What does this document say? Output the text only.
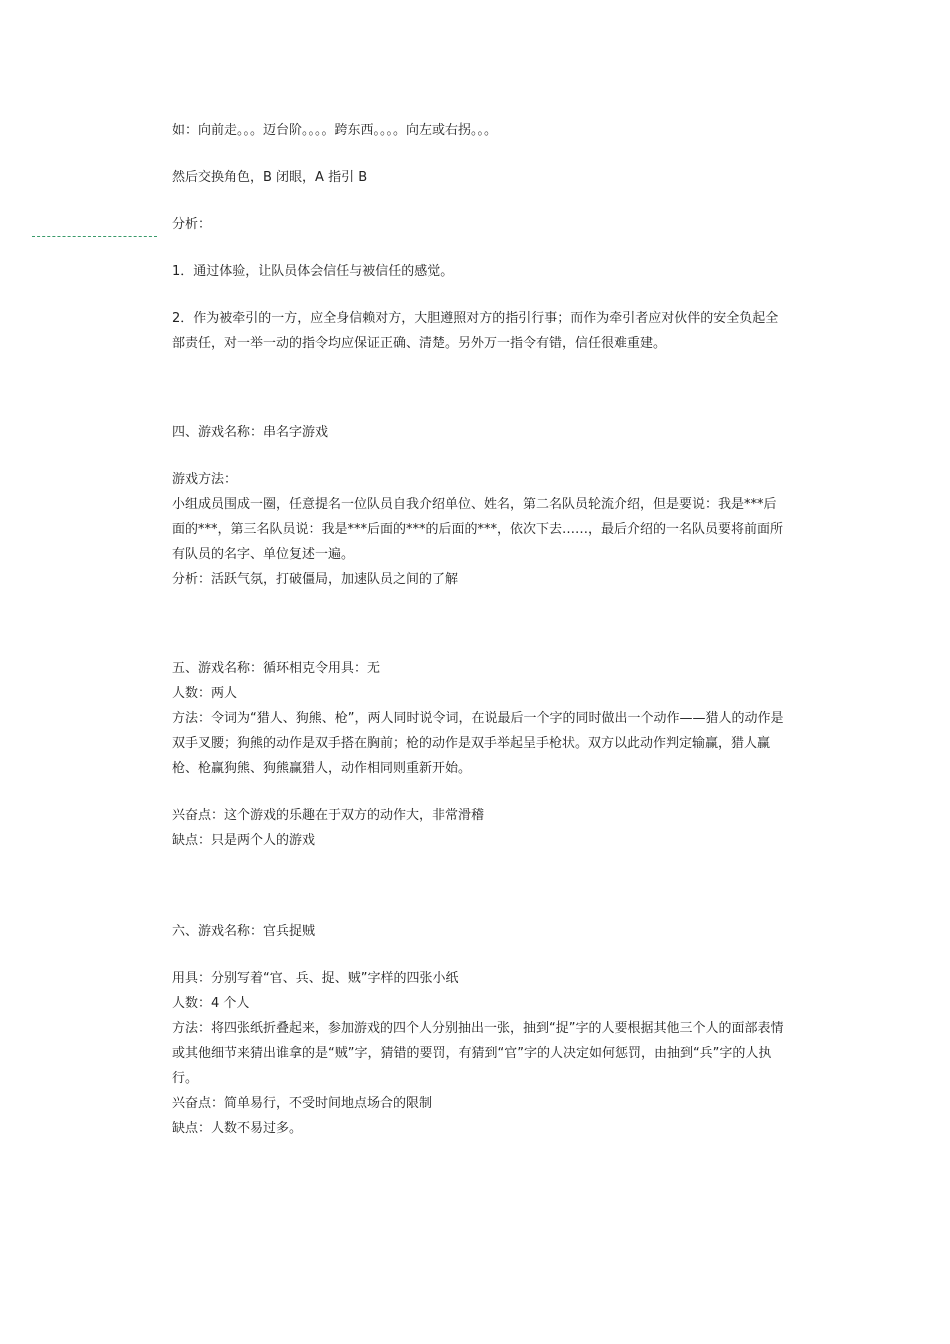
如：向前走。。。迈台阶。。。。跨东西。。。。向左或右拐。。。

然后交换角色，B 闭眼，A 指引 B

分析：

1．通过体验，让队员体会信任与被信任的感觉。

2．作为被牵引的一方，应全身信赖对方，大胆遵照对方的指引行事；而作为牵引者应对伙伴的安全负起全部责任，对一举一动的指令均应保证正确、清楚。另外万一指令有错，信任很难重建。

四、游戏名称：串名字游戏

游戏方法：

小组成员围成一圈，任意提名一位队员自我介绍单位、姓名，第二名队员轮流介绍，但是要说：我是***后面的***，第三名队员说：我是***后面的***的后面的***，依次下去……，最后介绍的一名队员要将前面所有队员的名字、单位复述一遍。

分析：活跃气氛，打破僵局，加速队员之间的了解

五、游戏名称：循环相克令用具：无

人数：两人

方法：令词为“猎人、狗熊、枪”，两人同时说令词，在说最后一个字的同时做出一个动作——猎人的动作是双手叉腰；狗熊的动作是双手搭在胸前；枪的动作是双手举起呈手枪状。双方以此动作判定输赢，猎人赢枪、枪赢狗熊、狗熊赢猎人，动作相同则重新开始。

兴奋点：这个游戏的乐趣在于双方的动作大，非常滑稽

缺点：只是两个人的游戏

六、游戏名称：官兵捉贼

用具：分别写着“官、兵、捉、贼”字样的四张小纸

人数：4 个人

方法：将四张纸折叠起来，参加游戏的四个人分别抽出一张，抽到“捉”字的人要根据其他三个人的面部表情或其他细节来猜出谁拿的是“贼”字，猜错的要罚，有猜到“官”字的人决定如何惩罚，由抽到“兵”字的人执行。

兴奋点：简单易行，不受时间地点场合的限制

缺点：人数不易过多。
